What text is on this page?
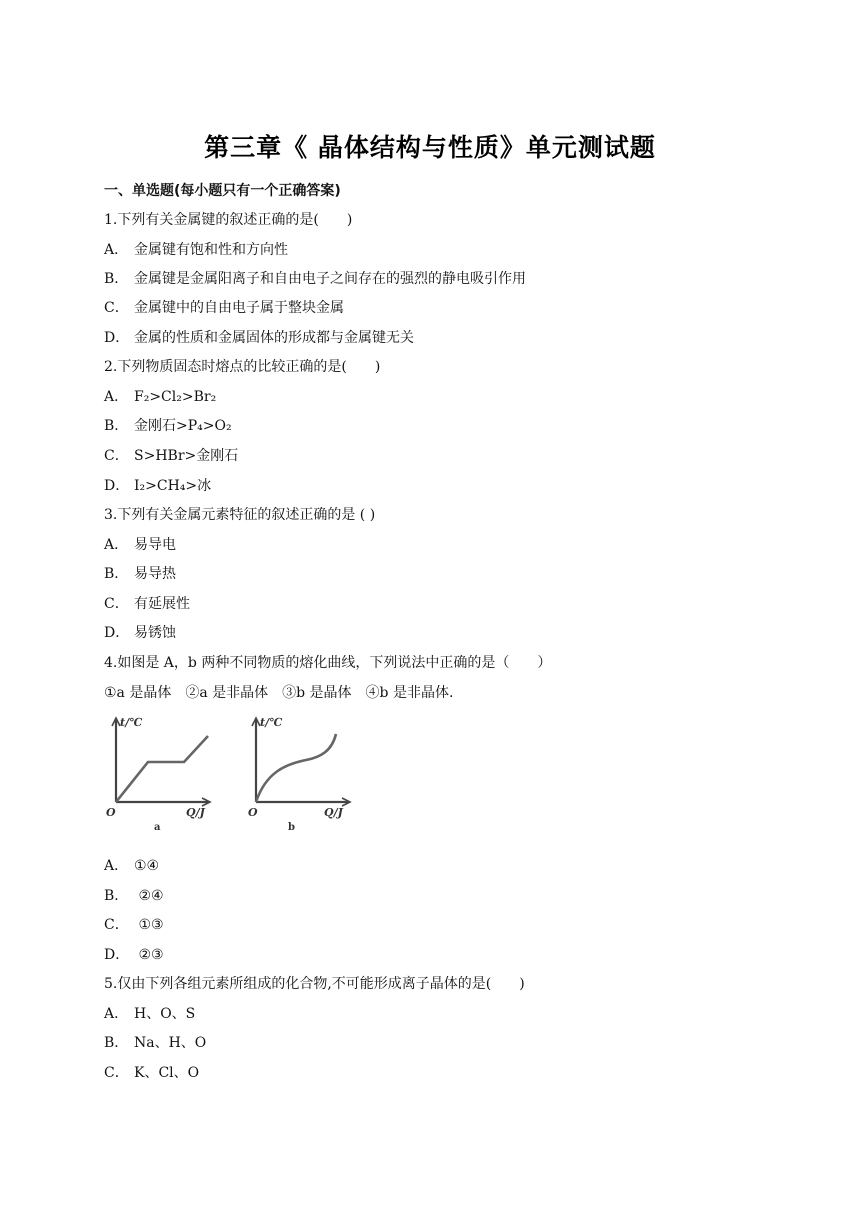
第三章《 晶体结构与性质》单元测试题
一、单选题(每小题只有一个正确答案)
1.下列有关金属键的叙述正确的是(　　)
A． 金属键有饱和性和方向性
B． 金属键是金属阳离子和自由电子之间存在的强烈的静电吸引作用
C． 金属键中的自由电子属于整块金属
D． 金属的性质和金属固体的形成都与金属键无关
2.下列物质固态时熔点的比较正确的是(　　)
A． F₂>Cl₂>Br₂
B． 金刚石>P₄>O₂
C． S>HBr>金刚石
D． I₂>CH₄>冰
3.下列有关金属元素特征的叙述正确的是 ( )
A． 易导电
B． 易导热
C． 有延展性
D． 易锈蚀
4.如图是 A，b 两种不同物质的熔化曲线，下列说法中正确的是（　　）
①a 是晶体　②a 是非晶体　③b 是晶体　④b 是非晶体.
t/℃
O	Q/J
a
t/℃
O	Q/J
b
A． ①④
B． ②④
C． ①③
D． ②③
5.仅由下列各组元素所组成的化合物,不可能形成离子晶体的是(　　)
A． H、O、S
B． Na、H、O
C． K、Cl、O
